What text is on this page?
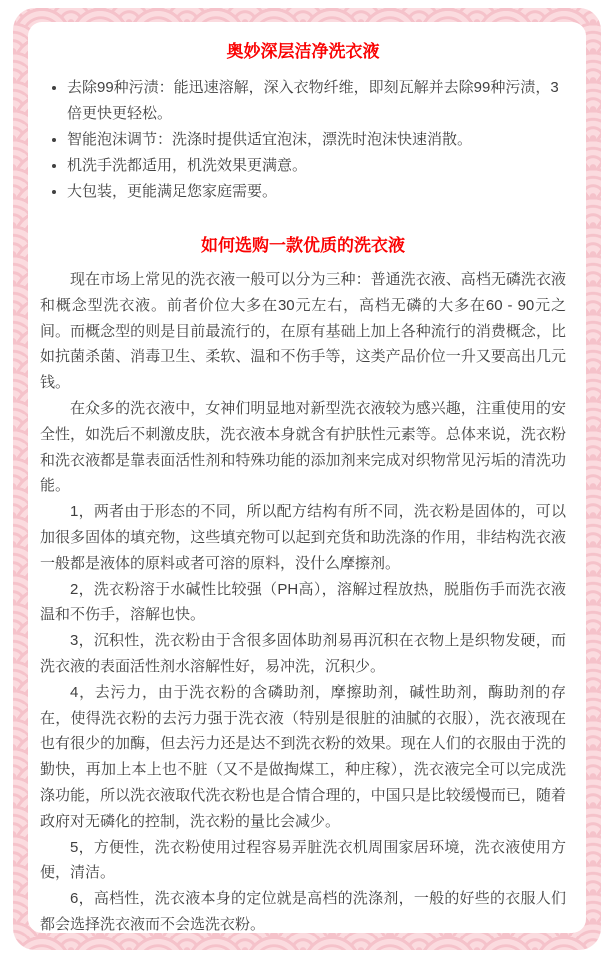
奥妙深层洁净洗衣液
• 去除99种污渍：能迅速溶解，深入衣物纤维，即刻瓦解并去除99种污渍，3倍更快更轻松。
• 智能泡沫调节：洗涤时提供适宜泡沫，漂洗时泡沫快速消散。
• 机洗手洗都适用，机洗效果更满意。
• 大包装，更能满足您家庭需要。
如何选购一款优质的洗衣液

现在市场上常见的洗衣液一般可以分为三种：普通洗衣液、高档无磷洗衣液和概念型洗衣液。前者价位大多在30元左右，高档无磷的大多在60 - 90元之间。而概念型的则是目前最流行的，在原有基础上加上各种流行的消费概念，比如抗菌杀菌、消毒卫生、柔软、温和不伤手等，这类产品价位一升又要高出几元钱。

在众多的洗衣液中，女神们明显地对新型洗衣液较为感兴趣，注重使用的安全性，如洗后不刺激皮肤，洗衣液本身就含有护肤性元素等。总体来说，洗衣粉和洗衣液都是靠表面活性剂和特殊功能的添加剂来完成对织物常见污垢的清洗功能。

1，两者由于形态的不同，所以配方结构有所不同，洗衣粉是固体的，可以加很多固体的填充物，这些填充物可以起到充货和助洗涤的作用，非结构洗衣液一般都是液体的原料或者可溶的原料，没什么摩擦剂。

2，洗衣粉溶于水碱性比较强（PH高），溶解过程放热，脱脂伤手而洗衣液温和不伤手，溶解也快。

3，沉积性，洗衣粉由于含很多固体助剂易再沉积在衣物上是织物发硬，而洗衣液的表面活性剂水溶解性好，易冲洗，沉积少。

4，去污力，由于洗衣粉的含磷助剂，摩擦助剂，碱性助剂，酶助剂的存在，使得洗衣粉的去污力强于洗衣液（特别是很脏的油腻的衣服），洗衣液现在也有很少的加酶，但去污力还是达不到洗衣粉的效果。现在人们的衣服由于洗的勤快，再加上本上也不脏（又不是做掏煤工，种庄稼），洗衣液完全可以完成洗涤功能，所以洗衣液取代洗衣粉也是合情合理的，中国只是比较缓慢而已，随着政府对无磷化的控制，洗衣粉的量比会减少。

5，方便性，洗衣粉使用过程容易弄脏洗衣机周围家居环境，洗衣液使用方便，清洁。

6，高档性，洗衣液本身的定位就是高档的洗涤剂，一般的好些的衣服人们都会选择洗衣液而不会选洗衣粉。
